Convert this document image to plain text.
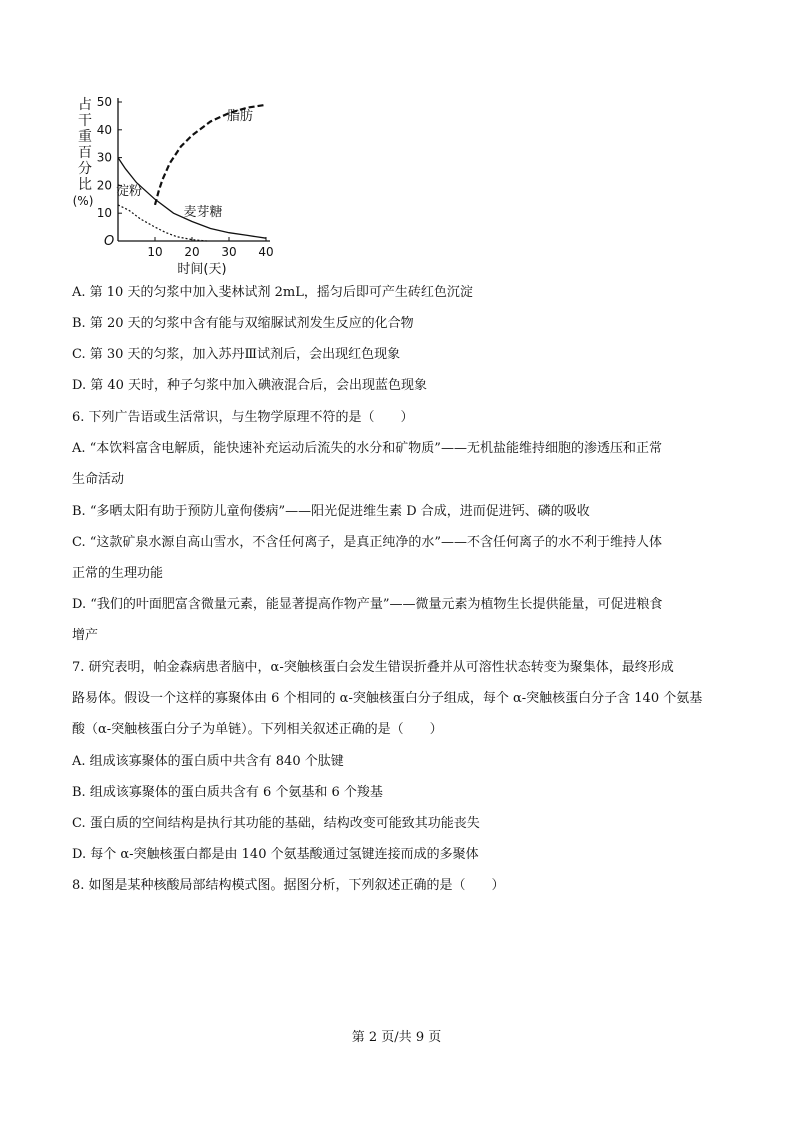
占
干
重
百
分
比
(%)
10
20
30
40
50
10 20 30 40
O
时间(天)
脂肪
麦芽糖
淀粉
A. 第 10 天的匀浆中加入斐林试剂 2mL，摇匀后即可产生砖红色沉淀
B. 第 20 天的匀浆中含有能与双缩脲试剂发生反应的化合物
C. 第 30 天的匀浆，加入苏丹Ⅲ试剂后，会出现红色现象
D. 第 40 天时，种子匀浆中加入碘液混合后，会出现蓝色现象
6. 下列广告语或生活常识，与生物学原理不符的是（　　）
A. “本饮料富含电解质，能快速补充运动后流失的水分和矿物质”——无机盐能维持细胞的渗透压和正常
生命活动
B. “多晒太阳有助于预防儿童佝偻病”——阳光促进维生素 D 合成，进而促进钙、磷的吸收
C. “这款矿泉水源自高山雪水，不含任何离子，是真正纯净的水”——不含任何离子的水不利于维持人体
正常的生理功能
D. “我们的叶面肥富含微量元素，能显著提高作物产量”——微量元素为植物生长提供能量，可促进粮食
增产
7. 研究表明，帕金森病患者脑中，α-突触核蛋白会发生错误折叠并从可溶性状态转变为聚集体，最终形成
路易体。假设一个这样的寡聚体由 6 个相同的 α-突触核蛋白分子组成，每个 α-突触核蛋白分子含 140 个氨基
酸（α-突触核蛋白分子为单链）。下列相关叙述正确的是（　　）
A. 组成该寡聚体的蛋白质中共含有 840 个肽键
B. 组成该寡聚体的蛋白质共含有 6 个氨基和 6 个羧基
C. 蛋白质的空间结构是执行其功能的基础，结构改变可能致其功能丧失
D. 每个 α-突触核蛋白都是由 140 个氨基酸通过氢键连接而成的多聚体
8. 如图是某种核酸局部结构模式图。据图分析，下列叙述正确的是（　　）
第 2 页/共 9 页
